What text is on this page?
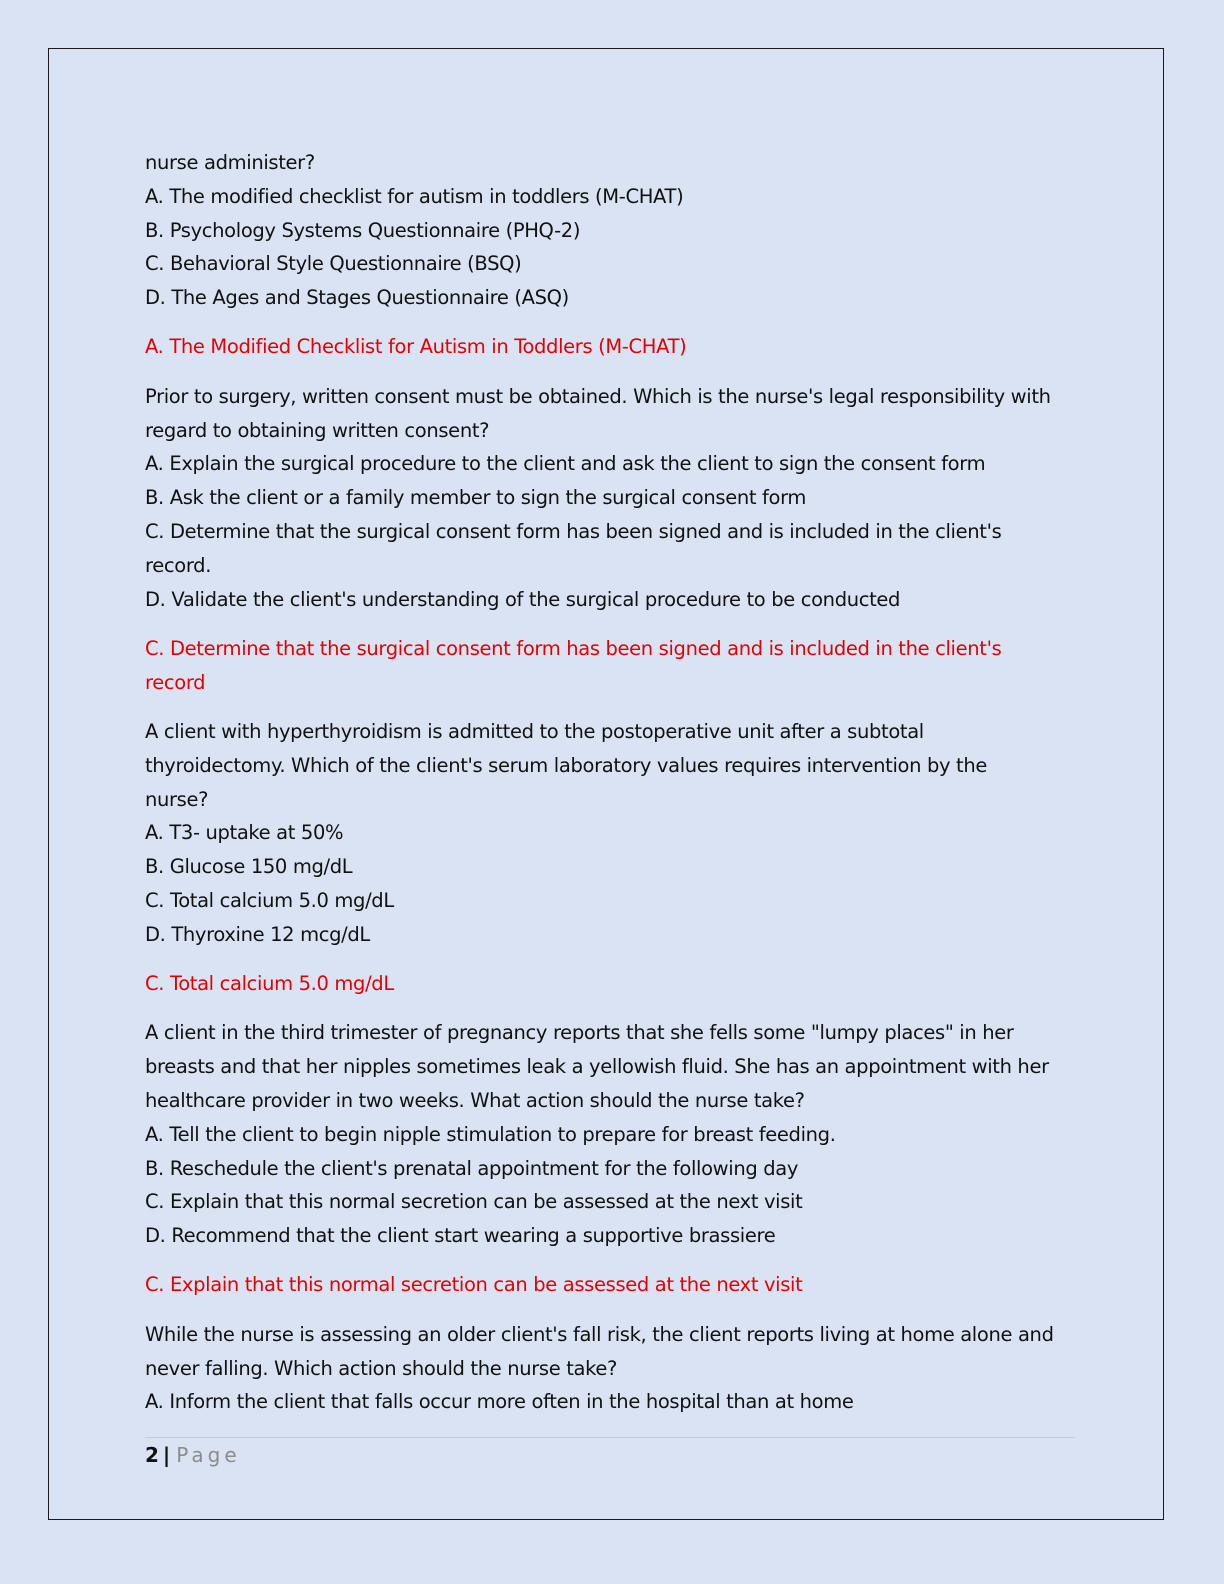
nurse administer?
A. The modified checklist for autism in toddlers (M-CHAT)
B. Psychology Systems Questionnaire (PHQ-2)
C. Behavioral Style Questionnaire (BSQ)
D. The Ages and Stages Questionnaire (ASQ)
A. The Modified Checklist for Autism in Toddlers (M-CHAT)
Prior to surgery, written consent must be obtained. Which is the nurse's legal responsibility with
regard to obtaining written consent?
A. Explain the surgical procedure to the client and ask the client to sign the consent form
B. Ask the client or a family member to sign the surgical consent form
C. Determine that the surgical consent form has been signed and is included in the client's
record.
D. Validate the client's understanding of the surgical procedure to be conducted
C. Determine that the surgical consent form has been signed and is included in the client's
record
A client with hyperthyroidism is admitted to the postoperative unit after a subtotal
thyroidectomy. Which of the client's serum laboratory values requires intervention by the
nurse?
A. T3- uptake at 50%
B. Glucose 150 mg/dL
C. Total calcium 5.0 mg/dL
D. Thyroxine 12 mcg/dL
C. Total calcium 5.0 mg/dL
A client in the third trimester of pregnancy reports that she fells some "lumpy places" in her
breasts and that her nipples sometimes leak a yellowish fluid. She has an appointment with her
healthcare provider in two weeks. What action should the nurse take?
A. Tell the client to begin nipple stimulation to prepare for breast feeding.
B. Reschedule the client's prenatal appointment for the following day
C. Explain that this normal secretion can be assessed at the next visit
D. Recommend that the client start wearing a supportive brassiere
C. Explain that this normal secretion can be assessed at the next visit
While the nurse is assessing an older client's fall risk, the client reports living at home alone and
never falling. Which action should the nurse take?
A. Inform the client that falls occur more often in the hospital than at home
2 | Page
